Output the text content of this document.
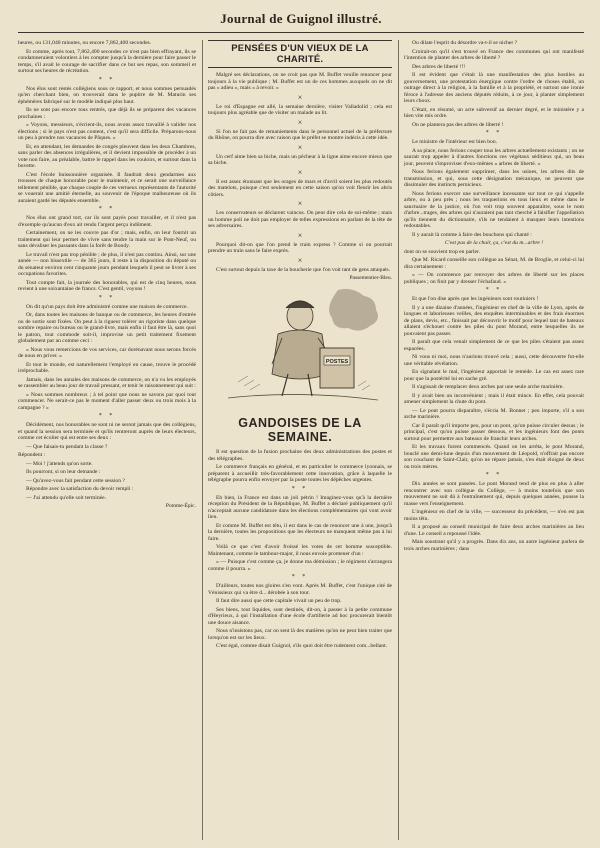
Journal de Guignol illustré.

heures, ou 131,040 minutes, ou encore 7,862,400 secondes.

Et comme, après tout, 7,862,400 secondes ce n'est pas bien effrayant, ils se condamneraient volontiers à les compter jusqu'à la dernière pour faire passer le temps, s'il avait le courage de sacrifier dans ce but ses repas, son sommeil et surtout ses heures de récréation.

* *

Nos élus sont restés collégiens sous ce rapport, et nous sommes persuadés qu'en cherchant bien, on trouverait dans le pupitre de M. Maturin ses éphémères fabriqué sur le modèle indiqué plus haut.

Ils ne sont pas encore tous rentrés, que déjà ils se préparent des vacances prochaines :

« Voyons, messieurs, s'écrient-ils, nous avons assez travaillé à valider nos élections ; si le pays n'est pas content, c'est qu'il sera difficile. Préparons-nous un peu à prendre nos vacances de Pâques. »

Et, en attendant, les demandes de congés pleuvent dans les deux Chambres, sans parler des absences irrégulières, et il devient impossible de procéder à un vote non faire, au préalable, battre le rappel dans les couloirs, et surtout dans la buvette.

C'est l'école buissonnière organisée. Il faudrait deux gendarmes aux trousses de chaque honorable pour le maintenir, et ce serait une surveillance tellement pénible, que chaque couple de ces vertueux représentants de l'autorité se vouerait une amitié éternelle, au souvenir de l'époque malheureuse où ils auraient gardé les députés ensemble.

* *

Nos élus ont grand tort, car ils sont payés pour travailler, et il n'est pas d'exemple qu'aucun d'eux ait rendu l'argent perçu indûment.

Certainement, on ne les couvre pas d'or ; mais, enfin, on leur fournit un traitement qui leur permet de vivre sans tendre la main sur le Pont-Neuf, ou sans dévaliser les passants dans la forêt de Bondy.

Le travail n'est pas trop pénible ; de plus, il n'est pas continu. Ainsi, sur une année — non bissextile — de 365 jours, il reste à la disposition du député ou du sénateur environ cent cinquante jours pendant lesquels il peut se livrer à ses occupations favorites.

Tout compte fait, la journée des honorables, qui est de cinq heures, nous revient à une soixantaine de francs. C'est gentil, voyons !

* *

On dit qu'un pays doit être administré comme une maison de commerce.

Or, dans toutes les maisons de banque ou de commerce, les heures d'entrée ou de sortie sont fixées. On peut à la rigueur tolérer un rigoriste dans quelque sombre repaire ou bureau ou le grand-livre, mais enfin il faut être là, sans quoi le patron, tout commode soit-il, improvise un petit traitement fixement globalement par an comme ceci :

« Nous vous remercions de vos services, car dorénavant nous serons forcés de nous en priver. »

Et tout le monde, est naturellement l'employé en cause, trouve le procédé irréprochable.

Jamais, dans les annales des maisons de commerce, on n'a vu les employés se rassembler au beau jour de travail pressant, et tenir le raisonnement qui suit :

« Nous sommes nombreux ; à tel point que nous ne savons par quoi tout commencer. Ne serait-ce pas le moment d'aller passer deux ou trois mois à la campagne ? »

* *

Décidément, nos honorables ne sont ni ne seront jamais que des collégiens, et quand la session sera terminée et qu'ils rentreront auprès de leurs électeurs, comme cet écolier qui est entre ses deux :

— Que faisais-tu pendant la classe ?

Répondent :

— Moi ! j'attends qu'on sorte.

Ils pourront, si on leur demande :

— Qu'avez-vous fait pendant cette session ?

Répondre avec la satisfaction du devoir rempli :

— J'ai attendu qu'elle soit terminée.

Pomme-Épic.
PENSÉES D'UN VIEUX DE LA CHARITÉ.

Malgré ses déclarations, on ne croit pas que M. Buffet veuille renoncer pour toujours à la vie publique ; M. Buffet est un de ces hommes auxquels on ne dit pas « adieu », mais « à revoir. »

×

Le roi d'Espagne est allé, la semaine dernière, visiter Valladolid ; cela est toujours plus agréable que de visiter un malade au lit.

×

Si l'on ne fait pas de remaniements dans le personnel actuel de la préfecture du Rhône, on pourra dire avec raison que le préfet se montre indécis à cette idée.

×

Un cerf aime bien sa biche, mais un pêcheur à la ligne aime encore mieux que sa biche.

×

Il est assez étonnant que les orages de mars et d'avril soient les plus redoutés des matelots, puisque c'est seulement en cette saison qu'on voit fleurir les abris côtiers.

×

Les conservateurs se déclarent vaincus. On peut dire cela de soi-même ; mais un homme poli ne doit pas employer de telles expressions en parlant de la tête de ses adversaires.

×

Pourquoi dit-on que l'on prend le train express ? Comme si on pourrait prendre un train sans le faire exprès.

×

C'est surtout depuis la taxe de la boucherie que l'on voit tant de gens attaqués.

Passementier-Bleu.
POSTES
GANDOISES DE LA SEMAINE.

Il est question de la fusion prochaine des deux administrations des postes et des télégraphes.

Le commerce français en général, et en particulier le commerce lyonnais, se préparent à accueillir très-favorablement cette innovation, grâce à laquelle le télégraphe pourra enfin envoyer par la poste toutes les dépêches urgentes.

* *

Eh bien, la France est dans un joli pétrin ! Imaginez-vous qu'à la dernière réception du Président de la République, M. Buffet a déclaré publiquement qu'il n'acceptait aucune candidature dans les élections complémentaires qui vont avoir lieu.

Et comme M. Buffet est têtu, il est dans le cas de renoncer une à une, jusqu'à la dernière, toutes les propositions que les électeurs ne manquent même pas à lui faire.

Voilà ce que c'est d'avoir froissé les votes de cet homme susceptible. Maintenant, comme le tambour-major, il nous envoie promener d'un :

« — Puisque c'est comme ça, je donne ma démission ; le régiment s'arrangera comme il pourra. »

* *

D'ailleurs, toutes nos gloires s'en vont. Après M. Buffet, c'est l'unique cité de Vénissieux qui va être d... dérobée à son tour.

Il faut dire aussi que cette capitale vivait un peu de trop.

Ses biens, tout liquides, sont destinés, dit-on, à passer à la petite commune d'Heyrieux, à qui l'installation d'une école d'artillerie ad hoc procurerait bientôt une douce aisance.

Nous n'insistons pas, car on sent là des matières qu'on ne peut bien traiter que lorsqu'on est sur les lieux.

C'est égal, comme disait Guignol, s'ils quoi doit être rudement com...bellant.

Ou dilate l'esprit du désordre va-t-il se nicher ?

Croirait-on qu'il s'est trouvé en France des communes qui ont manifesté l'intention de planter des arbres de liberté ?

Des arbres de liberté !!!

Il est évident que c'était là une manifestation des plus hostiles au gouvernement, une protestation énergique contre l'ordre de choses établi, un outrage direct à la religion, à la famille et à la propriété, et surtout une ironie féroce à l'adresse des anciens députés réduits, à ce jour, à planter simplement leurs choux.

C'était, en résumé, un acte subversif au dernier degré, et le ministère y a bien vite mis ordre.

On ne plantera pas des arbres de liberté !

* *

Le ministre de l'intérieur est bien bon.

A sa place, nous ferions couper tous les arbres actuellement existants ; on ne saurait trop appeler à d'autres fonctions ces végétaux séditieux qui, un beau jour, peuvent s'improviser d'eux-mêmes « arbres de liberté. »

Nous ferions également supprimer, dans les usines, les arbres dits de transmission, et qui, sous cette désignation mécanique, ne peuvent que dissimuler des instincts pernicieux.

Nous ferions exercer une surveillance incessante sur tout ce qui s'appelle arbre, ou à peu près ; nous les traquerions en tous lieux et même dans le sanctuaire de la justice, où l'on voit trop souvent apparaître, sous le nom d'arbre...trages, des arbres qui n'auraient pas tant cherché à falsifier l'appellation qu'ils tiennent du dictionnaire, s'ils ne tendaient à masquer leurs intentions redoutables.

Il y aurait là comme à faire des bouchons qui chanté :

C'est pas de la chair, ça, c'est du m...arbre !

dont on se souvient trop en parler.

Que M. Ricard conseille son collègue au Sénat, M. de Broglie, et celui-ci lui dira certainement :

« — On commence par renvoyer des arbres de liberté sur les places publiques ; on finit par y dresser l'échafaud. »

* *

Et que l'on dise après que les ingénieurs sont routiniers !

Il y a une dizaine d'années, l'ingénieur en chef de la ville de Lyon, après de longues et laborieuses veilles, des enquêtes interminables et des frais énormes de plans, devis, etc., finissait par découvrir le motif pour lequel tant de bateaux allaient s'échouer contre les piles du pont Morand, entre lesquelles ils ne pouvaient pas passer.

Il paraît que cela venait simplement de ce que les piles s'étaient pas assez espacées.

Ni vous ni moi, nous n'aurions trouvé cela ; aussi, cette découverte fut-elle une véritable révélation.

En signalant le mal, l'ingénieur apportait le remède. Le cas est assez rare pour que la postérité lui en sache gré.

Il s'agissait de remplacer deux arches par une seule arche marinière.

Il y avait bien un inconvénient ; mais il était mince. En effet, cela pouvait amener simplement la chute du pont.

— Le pont pourra disparaître, s'écria M. Bonnet ; peu importe, s'il a son arche marinière.

Car il paraît qu'il importe peu, pour un pont, qu'on puisse circuler dessus ; le principal, c'est qu'on puisse passer dessous, et les ingénieurs font des ponts surtout pour permettre aux bateaux de franchir leurs arches.

Et les travaux furent commencés. Quand on les arrêta, le pont Morand, bouclé une demi-lune depuis d'un mouvement de Léopold, n'offrait pas encore son couchant de Saint-Clair, qu'on ne répare jamais, s'en était éloigné de deux ou trois mètres.

* *

Dix années se sont passées. Le pont Morand tend de plus en plus à aller rencontrer avec son collègue du Collège, — à moins toutefois que son mouvement ne soit dû à l'entraînement qui, depuis quelques années, pousse la masse vers l'enseignement.

L'ingénieur en chef de la ville, — successeur du précédent, — n'en est pas moins têtu.

Il a proposé au conseil municipal de faire deux arches marinières au lieu d'une. Le conseil a repoussé l'idée.

Mais soustrant qu'il y a progrès. Dans dix ans, un autre ingénieur parlera de trois arches marinières ; dans
